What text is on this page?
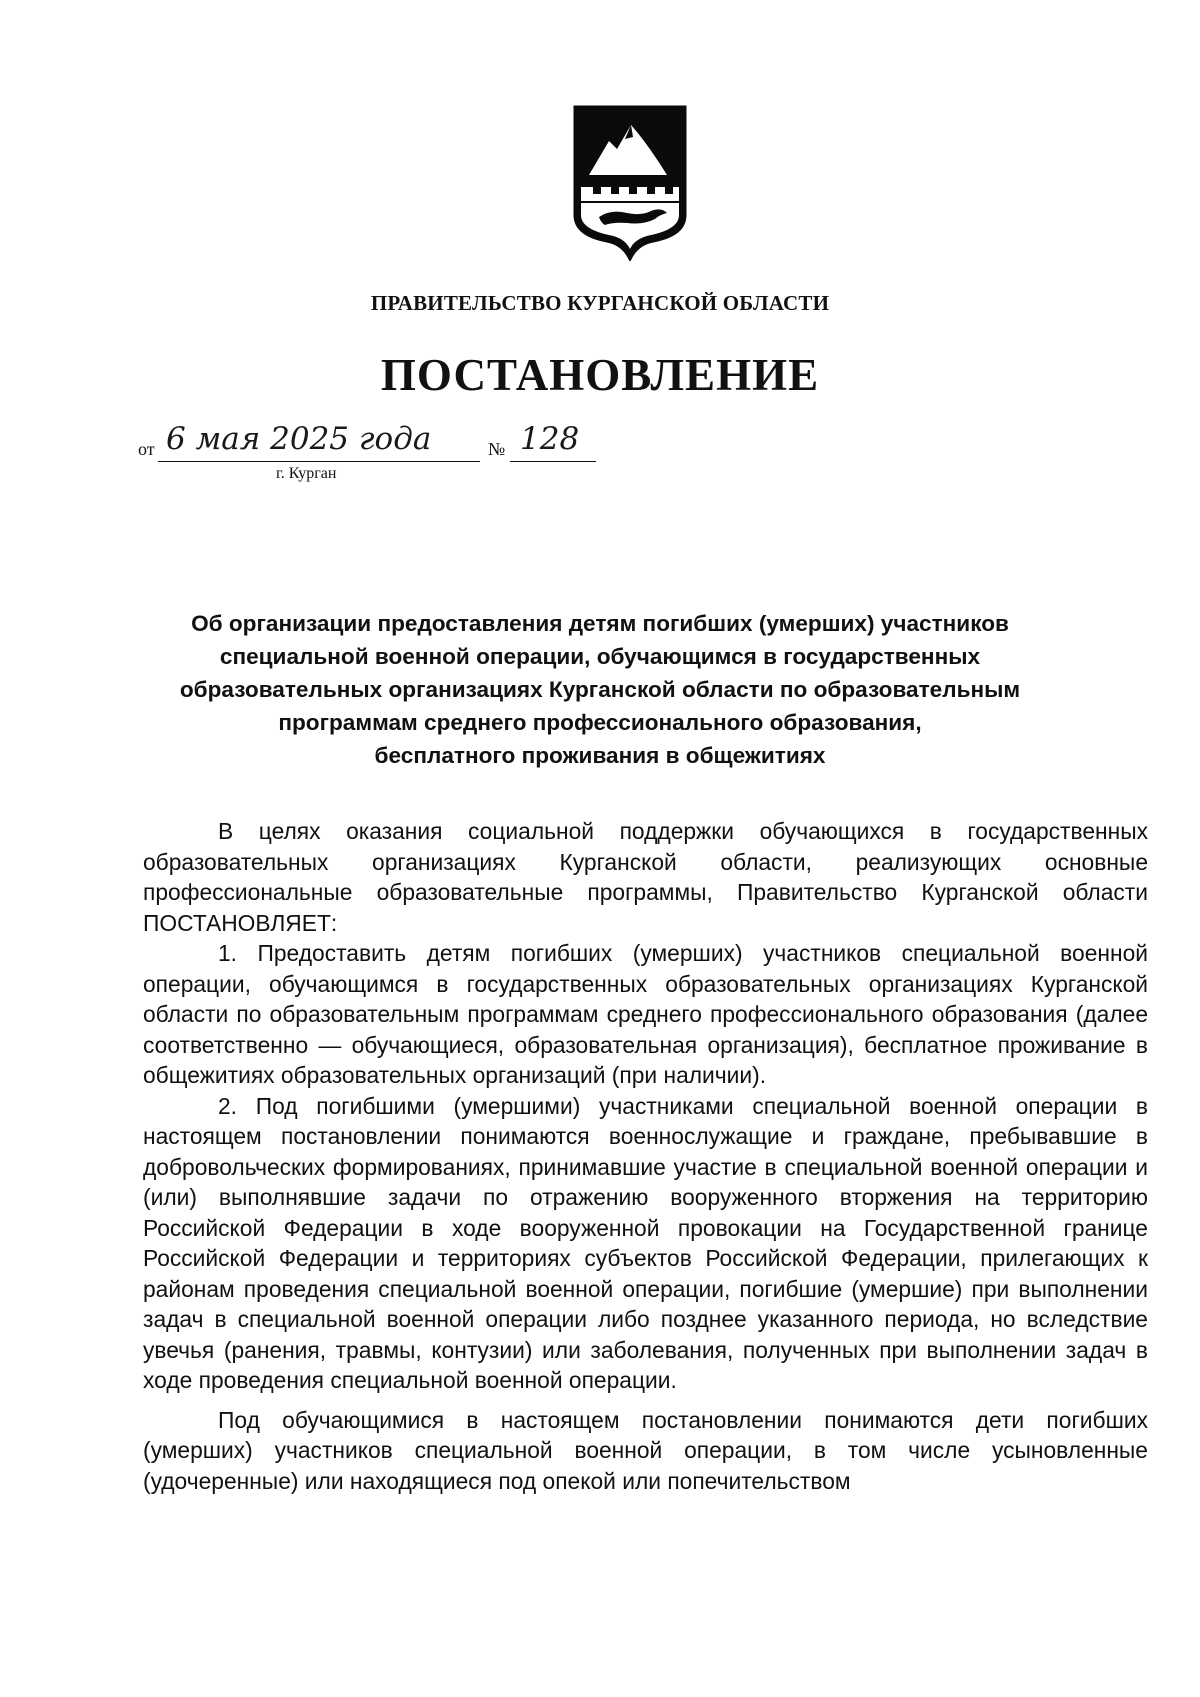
ПРАВИТЕЛЬСТВО КУРГАНСКОЙ ОБЛАСТИ
ПОСТАНОВЛЕНИЕ
от 6 мая 2025 года	№ 128
г. Курган
Об организации предоставления детям погибших (умерших) участников
специальной военной операции, обучающимся в государственных
образовательных организациях Курганской области по образовательным
программам среднего профессионального образования,
бесплатного проживания в общежитиях

В целях оказания социальной поддержки обучающихся в государственных образовательных организациях Курганской области, реализующих основные профессиональные образовательные программы, Правительство Курганской области ПОСТАНОВЛЯЕТ:

1. Предоставить детям погибших (умерших) участников специальной военной операции, обучающимся в государственных образовательных организациях Курганской области по образовательным программам среднего профессионального образования (далее соответственно — обучающиеся, образовательная организация), бесплатное проживание в общежитиях образовательных организаций (при наличии).

2. Под погибшими (умершими) участниками специальной военной операции в настоящем постановлении понимаются военнослужащие и граждане, пребывавшие в добровольческих формированиях, принимавшие участие в специальной военной операции и (или) выполнявшие задачи по отражению вооруженного вторжения на территорию Российской Федерации в ходе вооруженной провокации на Государственной границе Российской Федерации и территориях субъектов Российской Федерации, прилегающих к районам проведения специальной военной операции, погибшие (умершие) при выполнении задач в специальной военной операции либо позднее указанного периода, но вследствие увечья (ранения, травмы, контузии) или заболевания, полученных при выполнении задач в ходе проведения специальной военной операции.

Под обучающимися в настоящем постановлении понимаются дети погибших (умерших) участников специальной военной операции, в том числе усыновленные (удочеренные) или находящиеся под опекой или попечительством
